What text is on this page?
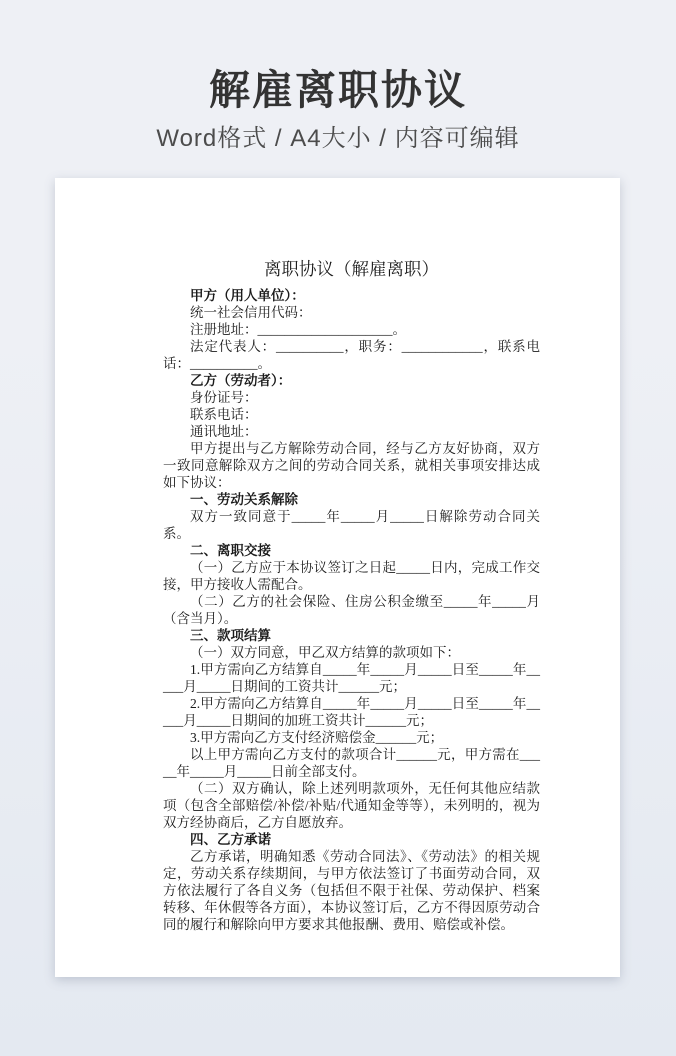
解雇离职协议

Word格式 / A4大小 / 内容可编辑

离职协议（解雇离职）

甲方（用人单位）：

统一社会信用代码：

注册地址：____________________。

法定代表人：__________，职务：____________，联系电话：__________。

乙方（劳动者）：

身份证号：

联系电话：

通讯地址：

甲方提出与乙方解除劳动合同，经与乙方友好协商，双方一致同意解除双方之间的劳动合同关系，就相关事项安排达成如下协议：

一、劳动关系解除

双方一致同意于_____年_____月_____日解除劳动合同关系。

二、离职交接

（一）乙方应于本协议签订之日起_____日内，完成工作交接，甲方接收人需配合。

（二）乙方的社会保险、住房公积金缴至_____年_____月（含当月）。

三、款项结算

（一）双方同意，甲乙双方结算的款项如下：

1.甲方需向乙方结算自_____年_____月_____日至_____年_____月_____日期间的工资共计______元；

2.甲方需向乙方结算自_____年_____月_____日至_____年_____月_____日期间的加班工资共计______元；

3.甲方需向乙方支付经济赔偿金______元；

以上甲方需向乙方支付的款项合计______元，甲方需在_____年_____月_____日前全部支付。

（二）双方确认，除上述列明款项外，无任何其他应结款项（包含全部赔偿/补偿/补贴/代通知金等等），未列明的，视为双方经协商后，乙方自愿放弃。

四、乙方承诺

乙方承诺，明确知悉《劳动合同法》、《劳动法》的相关规定，劳动关系存续期间，与甲方依法签订了书面劳动合同，双方依法履行了各自义务（包括但不限于社保、劳动保护、档案转移、年休假等各方面），本协议签订后，乙方不得因原劳动合同的履行和解除向甲方要求其他报酬、费用、赔偿或补偿。
